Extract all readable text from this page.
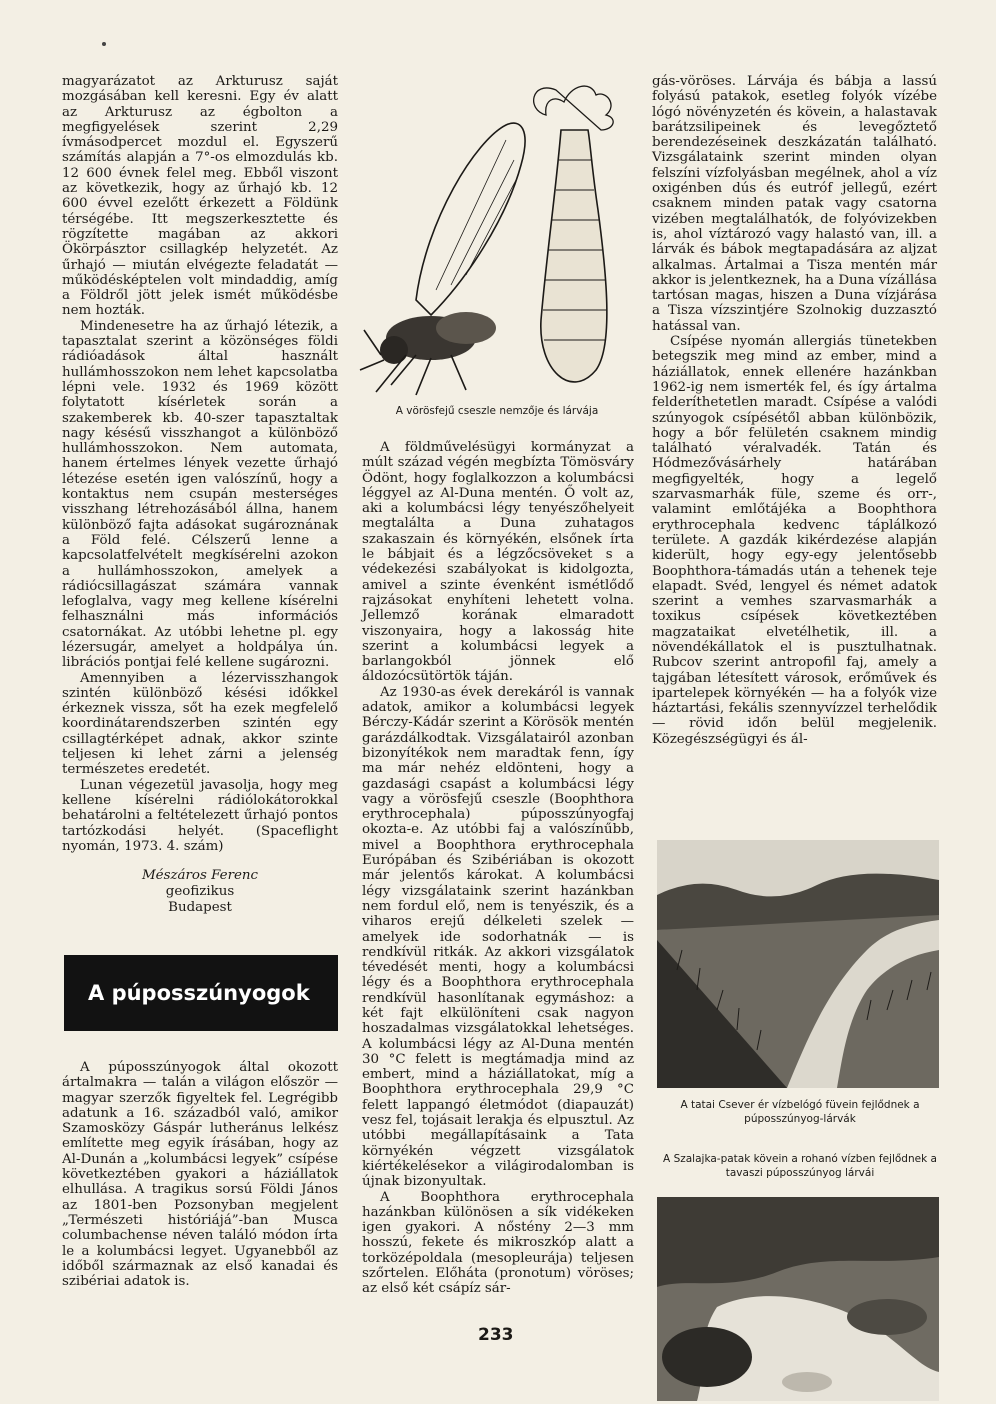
magyarázatot az Arkturusz saját mozgásában kell keresni. Egy év alatt az Arkturusz az égbolton a megfigyelések szerint 2,29 ívmásodpercet mozdul el. Egyszerű számítás alapján a 7°-os elmozdulás kb. 12 600 évnek felel meg. Ebből viszont az következik, hogy az űrhajó kb. 12 600 évvel ezelőtt érkezett a Földünk térségébe. Itt megszerkesztette és rögzítette magában az akkori Ökörpásztor csillagkép helyzetét. Az űrhajó — miután elvégezte feladatát — működésképtelen volt mindaddig, amíg a Földről jött jelek ismét működésbe nem hozták.

Mindenesetre ha az űrhajó létezik, a tapasztalat szerint a közönséges földi rádióadások által használt hullámhosszokon nem lehet kapcsolatba lépni vele. 1932 és 1969 között folytatott kísérletek során a szakemberek kb. 40-szer tapasztaltak nagy késésű visszhangot a különböző hullámhosszokon. Nem automata, hanem értelmes lények vezette űrhajó létezése esetén igen valószínű, hogy a kontaktus nem csupán mesterséges visszhang létrehozásából állna, hanem különböző fajta adásokat sugároznának a Föld felé. Célszerű lenne a kapcsolatfelvételt megkísérelni azokon a hullámhosszokon, amelyek a rádiócsillagászat számára vannak lefoglalva, vagy meg kellene kísérelni felhasználni más információs csatornákat. Az utóbbi lehetne pl. egy lézersugár, amelyet a holdpálya ún. librációs pontjai felé kellene sugározni.

Amennyiben a lézervisszhangok szintén különböző késési időkkel érkeznek vissza, sőt ha ezek megfelelő koordinátarendszerben szintén egy csillagtérképet adnak, akkor szinte teljesen ki lehet zárni a jelenség természetes eredetét.

Lunan végezetül javasolja, hogy meg kellene kísérelni rádiólokátorokkal behatárolni a feltételezett űrhajó pontos tartózkodási helyét. (Spaceflight nyomán, 1973. 4. szám)

Mészáros Ferenc
geofizikus
Budapest
A púposszúnyogok

A púposszúnyogok által okozott ártalmakra — talán a világon először — magyar szerzők figyeltek fel. Legrégibb adatunk a 16. századból való, amikor Szamosközy Gáspár lutheránus lelkész említette meg egyik írásában, hogy az Al-Dunán a „kolumbácsi legyek” csípése következtében gyakori a háziállatok elhullása. A tragikus sorsú Földi János az 1801-ben Pozsonyban megjelent „Természeti históriájá”-ban Musca columbachense néven találó módon írta le a kolumbácsi legyet. Ugyanebből az időből származnak az első kanadai és szibériai adatok is.

A vörösfejű cseszle nemzője és lárvája

A földművelésügyi kormányzat a múlt század végén megbízta Tömösváry Ödönt, hogy foglalkozzon a kolumbácsi léggyel az Al-Duna mentén. Ő volt az, aki a kolumbácsi légy tenyészőhelyeit megtalálta a Duna zuhatagos szakaszain és környékén, elsőnek írta le bábjait és a légzőcsöveket s a védekezési szabályokat is kidolgozta, amivel a szinte évenként ismétlődő rajzásokat enyhíteni lehetett volna. Jellemző korának elmaradott viszonyaira, hogy a lakosság hite szerint a kolumbácsi legyek a barlangokból jönnek elő áldozócsütörtök táján.

Az 1930-as évek derekáról is vannak adatok, amikor a kolumbácsi legyek Bérczy-Kádár szerint a Körösök mentén garázdálkodtak. Vizsgálatairól azonban bizonyítékok nem maradtak fenn, így ma már nehéz eldönteni, hogy a gazdasági csapást a kolumbácsi légy vagy a vörösfejű cseszle (Boophthora erythrocephala) púposszúnyogfaj okozta-e. Az utóbbi faj a valószínűbb, mivel a Boophthora erythrocephala Európában és Szibériában is okozott már jelentős károkat. A kolumbácsi légy vizsgálataink szerint hazánkban nem fordul elő, nem is tenyészik, és a viharos erejű délkeleti szelek — amelyek ide sodorhatnák — is rendkívül ritkák. Az akkori vizsgálatok tévedését menti, hogy a kolumbácsi légy és a Boophthora erythrocephala rendkívül hasonlítanak egymáshoz: a két fajt elkülöníteni csak nagyon hoszadalmas vizsgálatokkal lehetséges. A kolumbácsi légy az Al-Duna mentén 30 °C felett is megtámadja mind az embert, mind a háziállatokat, míg a Boophthora erythrocephala 29,9 °C felett lappangó életmódot (diapauzát) vesz fel, tojásait lerakja és elpusztul. Az utóbbi megállapításaink a Tata környékén végzett vizsgálatok kiértékelésekor a világirodalomban is újnak bizonyultak.

A Boophthora erythrocephala hazánkban különösen a sík vidékeken igen gyakori. A nőstény 2—3 mm hosszú, fekete és mikroszkóp alatt a torközépoldala (mesopleurája) teljesen szőrtelen. Előháta (pronotum) vöröses; az első két csápíz sár-

gás-vöröses. Lárvája és bábja a lassú folyású patakok, esetleg folyók vízébe lógó növényzetén és kövein, a halastavak barátzsilipeinek és levegőztető berendezéseinek deszkázatán található. Vizsgálataink szerint minden olyan felszíni vízfolyásban megélnek, ahol a víz oxigénben dús és eutróf jellegű, ezért csaknem minden patak vagy csatorna vizében megtalálhatók, de folyóvizekben is, ahol víztározó vagy halastó van, ill. a lárvák és bábok megtapadására az aljzat alkalmas. Ártalmai a Tisza mentén már akkor is jelentkeznek, ha a Duna vízállása tartósan magas, hiszen a Duna vízjárása a Tisza vízszintjére Szolnokig duzzasztó hatással van.

Csípése nyomán allergiás tünetekben betegszik meg mind az ember, mind a háziállatok, ennek ellenére hazánkban 1962-ig nem ismerték fel, és így ártalma felderíthetetlen maradt. Csípése a valódi szúnyogok csípésétől abban különbözik, hogy a bőr felületén csaknem mindig található véralvadék. Tatán és Hódmezővásárhely határában megfigyelték, hogy a legelő szarvasmarhák füle, szeme és orr-, valamint emlőtájéka a Boophthora erythrocephala kedvenc táplálkozó területe. A gazdák kikérdezése alapján kiderült, hogy egy-egy jelentősebb Boophthora-támadás után a tehenek teje elapadt. Svéd, lengyel és német adatok szerint a vemhes szarvasmarhák a toxikus csípések következtében magzataikat elvetélhetik, ill. a növendékállatok el is pusztulhatnak. Rubcov szerint antropofil faj, amely a tajgában létesített városok, erőművek és ipartelepek környékén — ha a folyók vize háztartási, fekális szennyvízzel terhelődik — rövid időn belül megjelenik. Közegészségügyi és ál-

A tatai Csever ér vízbelógó füvein fejlődnek a púposszúnyog-lárvák
A Szalajka-patak kövein a rohanó vízben fejlődnek a tavaszi púposszúnyog lárvái
233
